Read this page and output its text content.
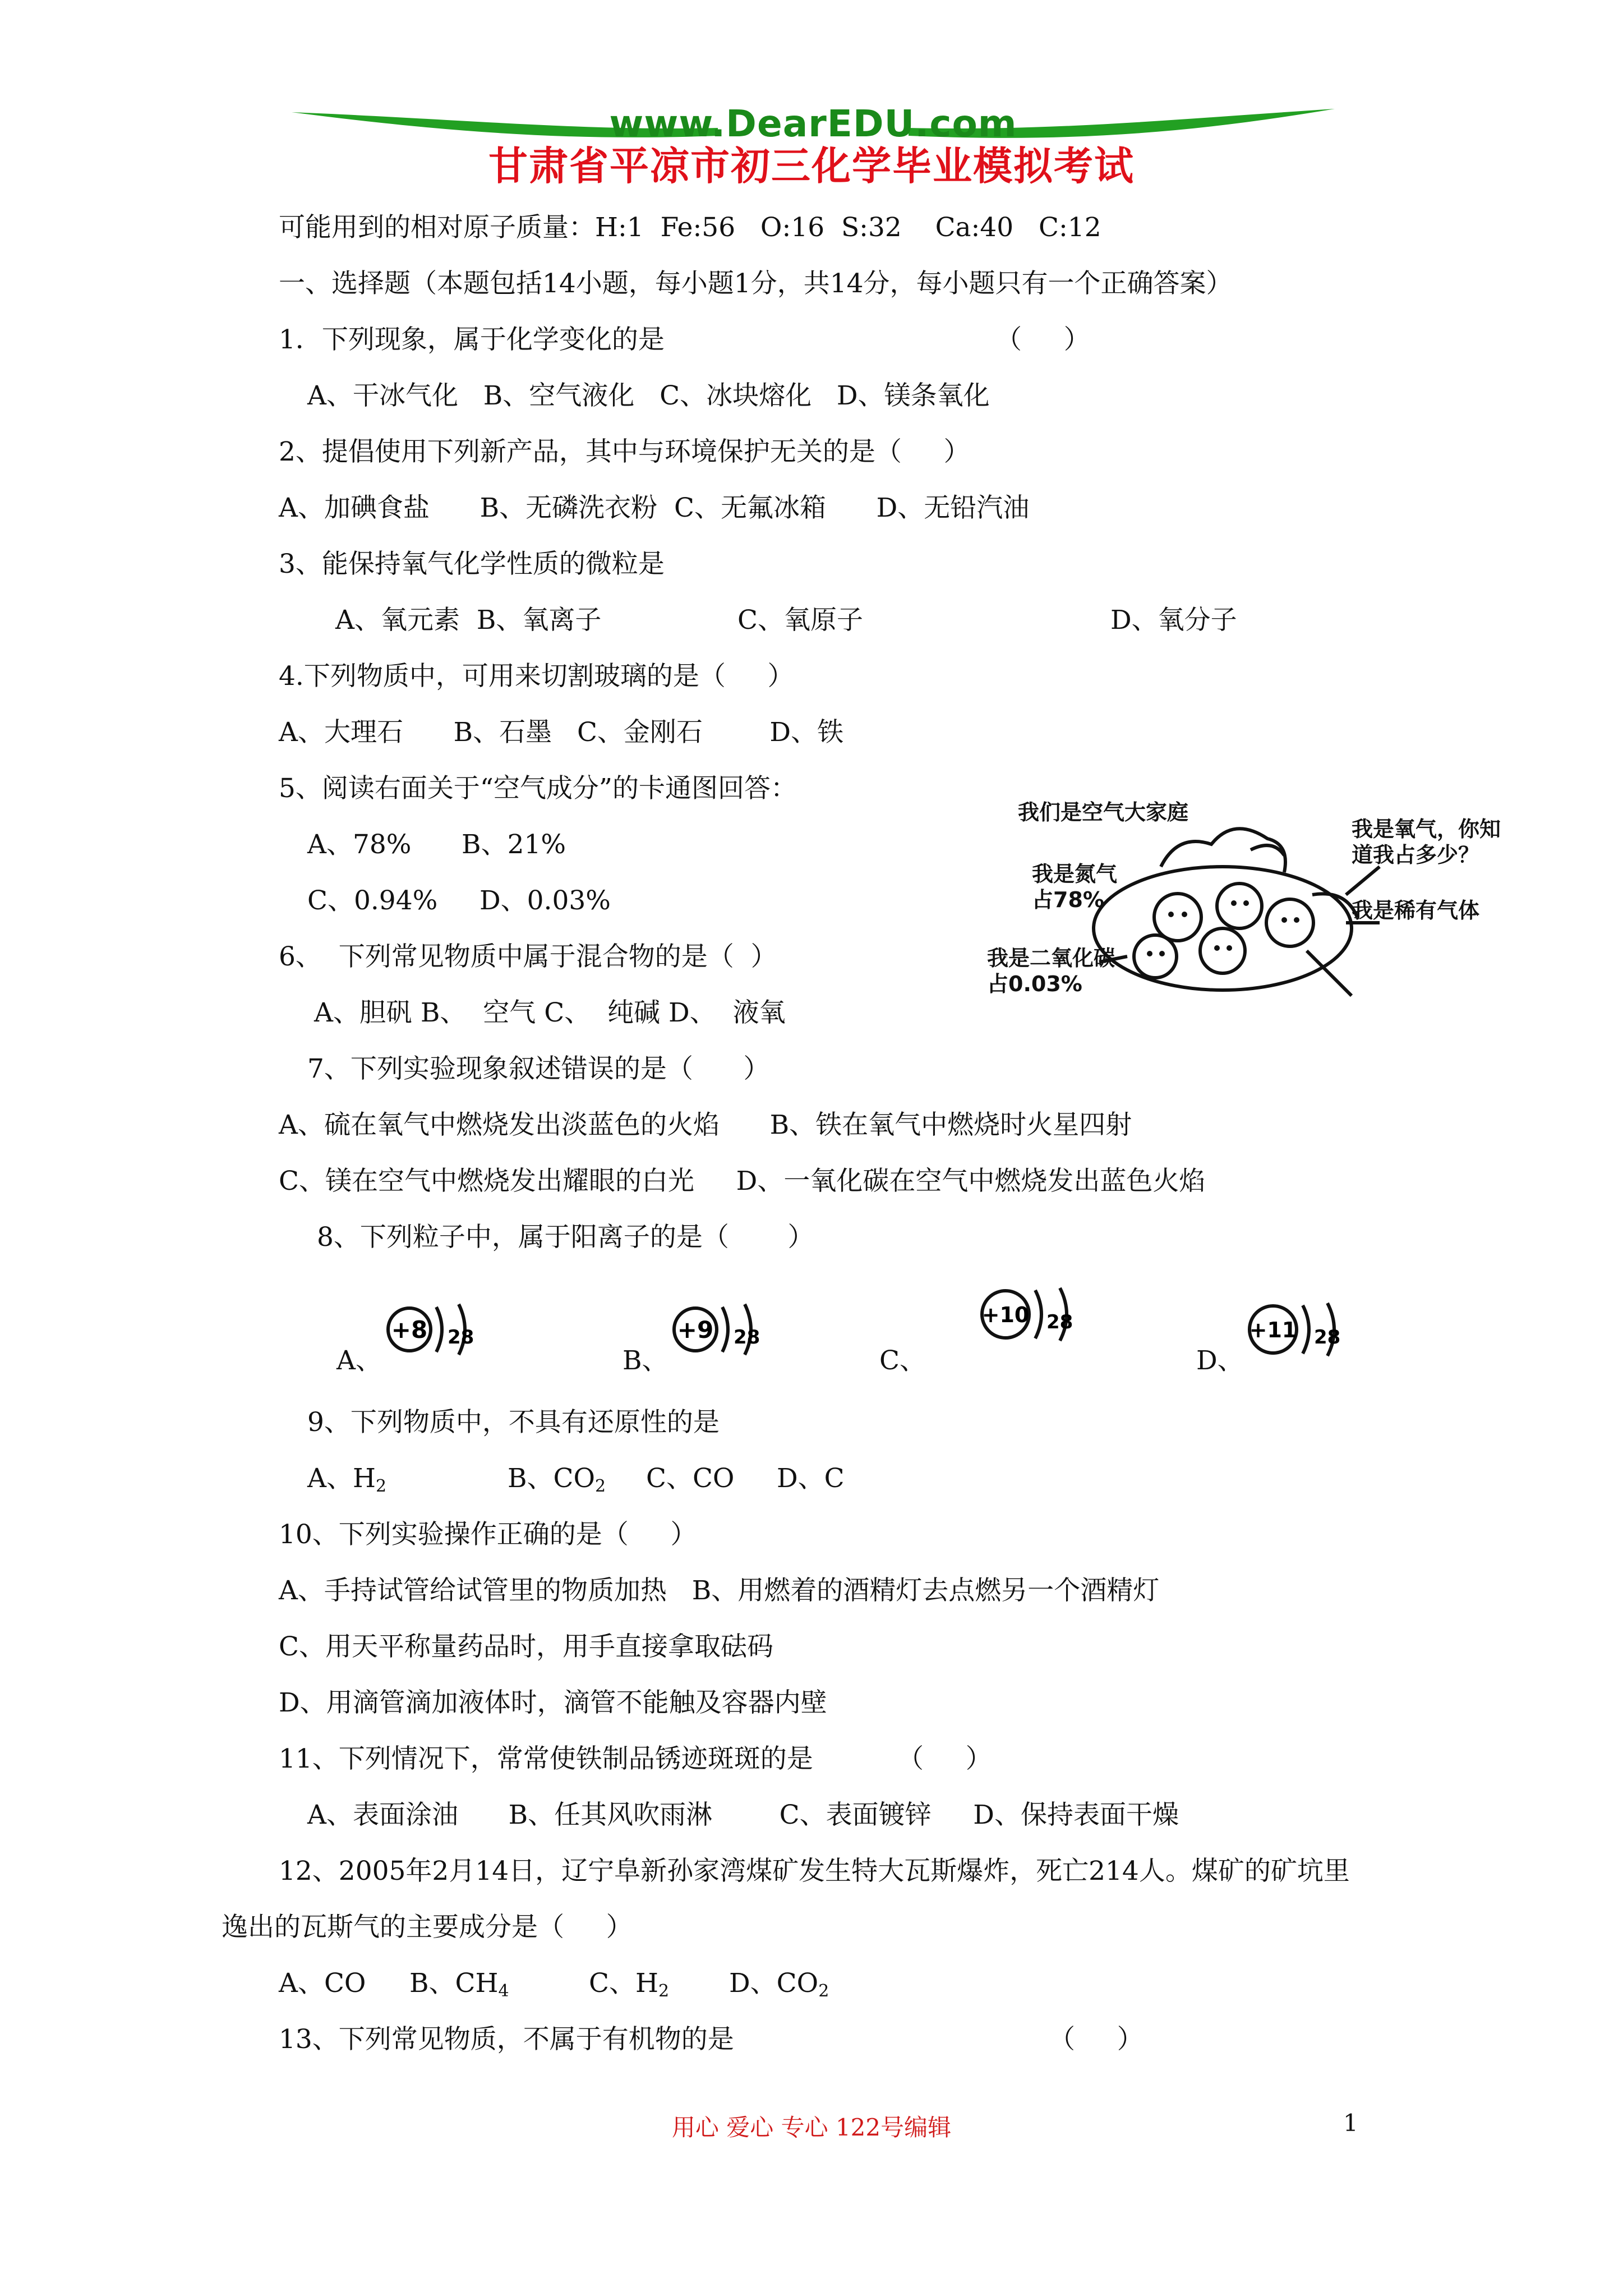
www.DearEDU.com
甘肃省平凉市初三化学毕业模拟考试
可能用到的相对原子质量：H:1  Fe:56   O:16  S:32    Ca:40   C:12
一、选择题（本题包括14小题，每小题1分，共14分，每小题只有一个正确答案）
1．下列现象，属于化学变化的是	（     ）
A、干冰气化   B、空气液化   C、冰块熔化   D、镁条氧化
2、提倡使用下列新产品，其中与环境保护无关的是（     ）
A、加碘食盐      B、无磷洗衣粉  C、无氟冰箱      D、无铅汽油
3、能保持氧气化学性质的微粒是
A、氧元素  B、氧离子	C、氧原子	D、氧分子
4.下列物质中，可用来切割玻璃的是（     ）
A、大理石      B、石墨   C、金刚石        D、铁
5、阅读右面关于“空气成分”的卡通图回答：
A、78%      B、21%
C、0.94%     D、0.03%
6、  下列常见物质中属于混合物的是（  ）
A、胆矾 B、  空气 C、  纯碱 D、  液氧
7、下列实验现象叙述错误的是（      ）
A、硫在氧气中燃烧发出淡蓝色的火焰      B、铁在氧气中燃烧时火星四射
C、镁在空气中燃烧发出耀眼的白光     D、一氧化碳在空气中燃烧发出蓝色火焰
8、下列粒子中，属于阳离子的是（       ）
A、	B、	C、	D、
+8 28	+9 28
+10 28	+11 28
9、下列物质中，不具有还原性的是
A、$H_2$	B、$CO_2$ C、CO D、C
10、下列实验操作正确的是（     ）
A、手持试管给试管里的物质加热   B、用燃着的酒精灯去点燃另一个酒精灯
C、用天平称量药品时，用手直接拿取砝码
D、用滴管滴加液体时，滴管不能触及容器内壁
11、下列情况下，常常使铁制品锈迹斑斑的是	（     ）
A、表面涂油      B、任其风吹雨淋        C、表面镀锌     D、保持表面干燥
12、2005年2月14日，辽宁阜新孙家湾煤矿发生特大瓦斯爆炸，死亡214人。煤矿的矿坑里
逸出的瓦斯气的主要成分是（     ）
A、CO B、$CH_4$	C、$H_2$ D、$CO_2$
13、下列常见物质，不属于有机物的是	（     ）
我们是空气大家庭
我是氧气，你知
道我占多少？
我是氮气
占78%	我是稀有气体
我是二氧化碳
占0.03%
用心 爱心 专心 122号编辑	1
